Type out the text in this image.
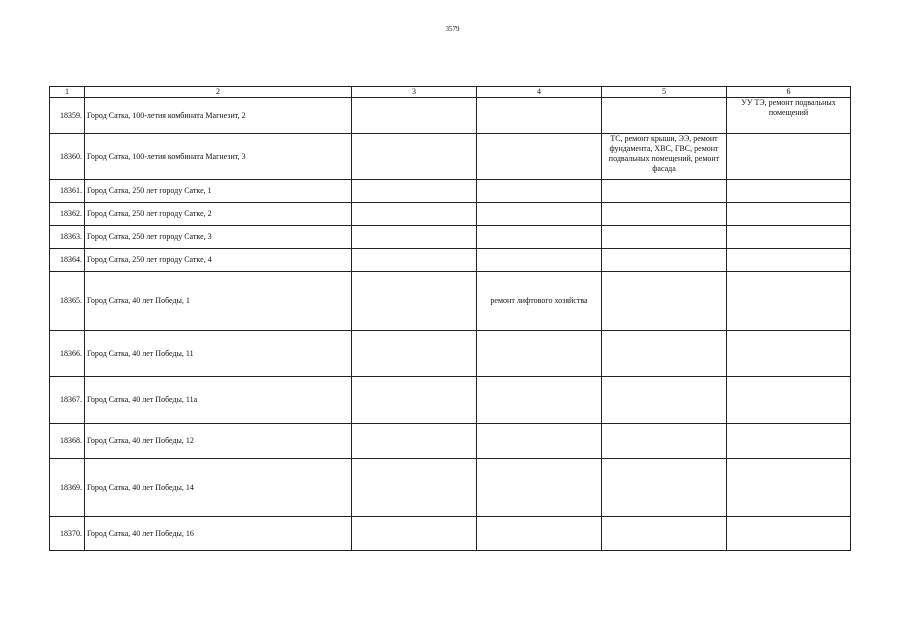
3579
1	2	3	4	5	6
18359.	Город Сатка, 100-летия комбината Магнезит, 2				УУ ТЭ, ремонт подвальных помещений
18360.	Город Сатка, 100-летия комбината Магнезит, 3			ТС, ремонт крыши, ЭЭ, ремонт фундамента, ХВС, ГВС, ремонт подвальных помещений, ремонт фасада	
18361.	Город Сатка, 250 лет городу Сатке, 1				
18362.	Город Сатка, 250 лет городу Сатке, 2				
18363.	Город Сатка, 250 лет городу Сатке, 3				
18364.	Город Сатка, 250 лет городу Сатке, 4				
18365.	Город Сатка, 40 лет Победы, 1		ремонт лифтового хозяйства		
18366.	Город Сатка, 40 лет Победы, 11				
18367.	Город Сатка, 40 лет Победы, 11а				
18368.	Город Сатка, 40 лет Победы, 12				
18369.	Город Сатка, 40 лет Победы, 14				
18370.	Город Сатка, 40 лет Победы, 16				
